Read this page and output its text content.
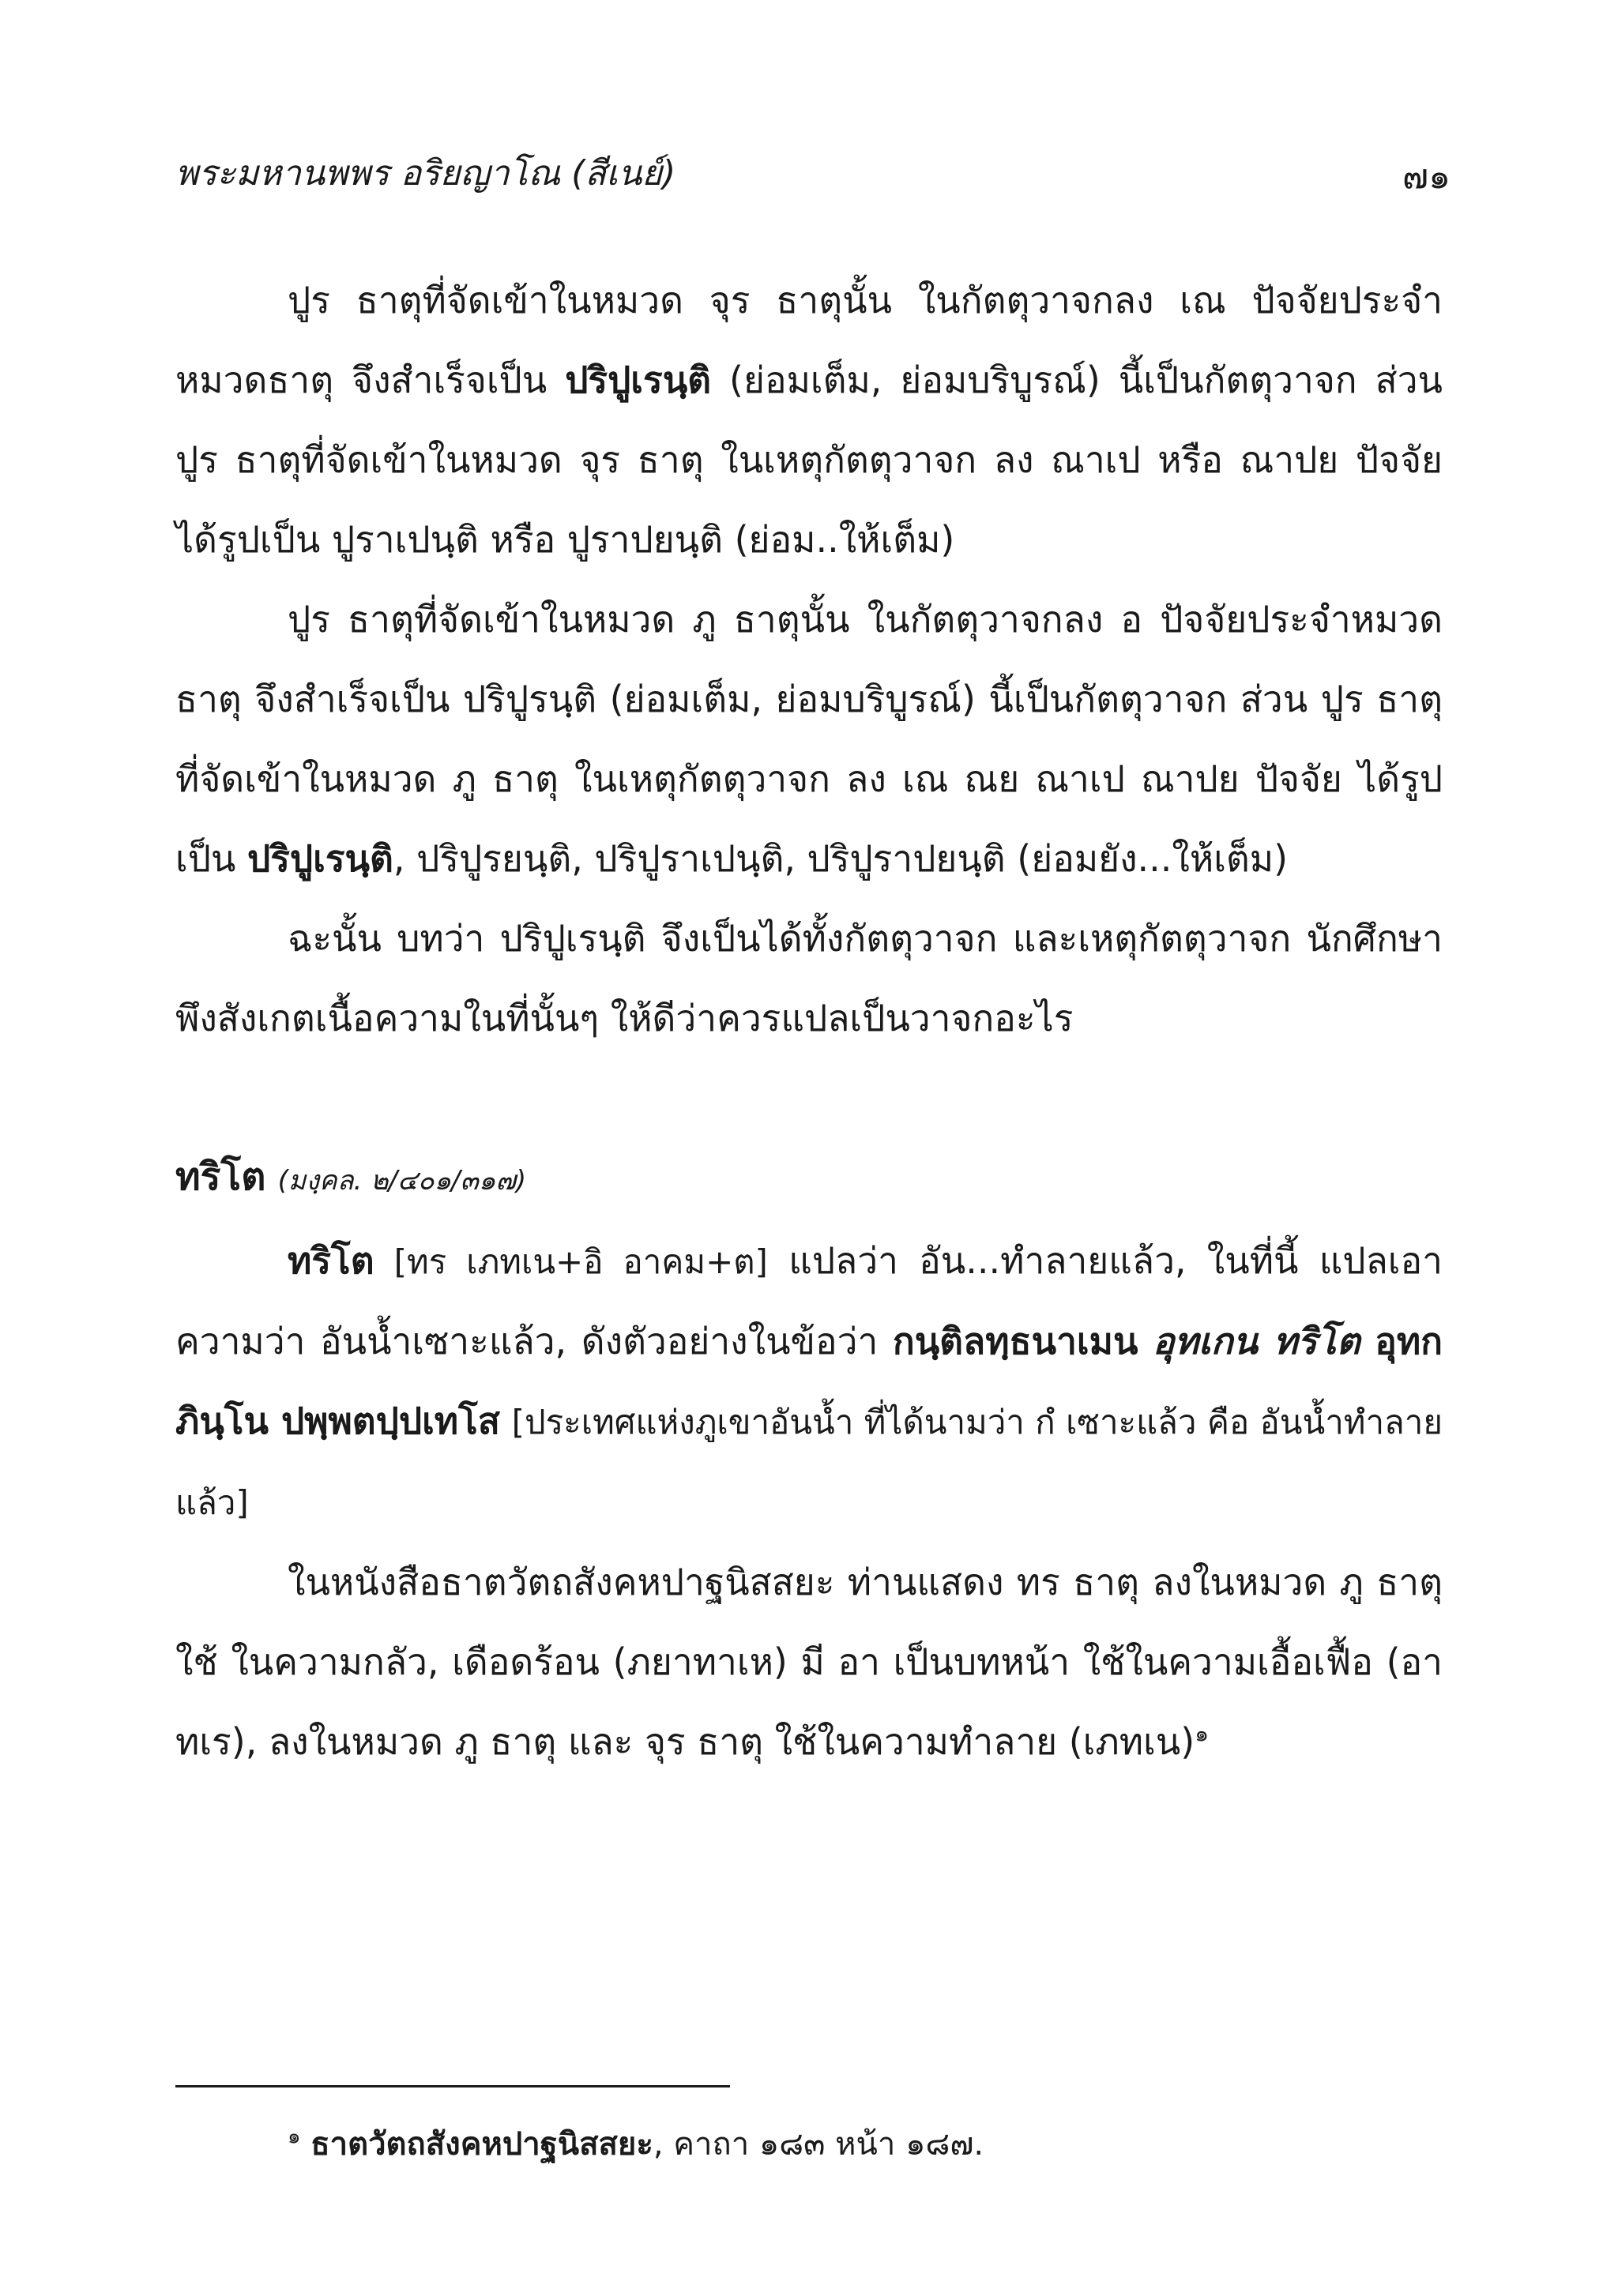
พระมหานพพร อริยญาโณ (สีเนย์)	๗๑

ปูร ธาตุที่จัดเข้าในหมวด จุร ธาตุนั้น ในกัตตุวาจกลง เณ ปัจจัยประจำหมวดธาตุ จึงสำเร็จเป็น ปริปูเรนฺติ (ย่อมเต็ม, ย่อมบริบูรณ์) นี้เป็นกัตตุวาจก ส่วน ปูร ธาตุที่จัดเข้าในหมวด จุร ธาตุ ในเหตุกัตตุวาจก ลง ณาเป หรือ ณาปย ปัจจัย ได้รูปเป็น ปูราเปนฺติ หรือ ปูราปยนฺติ (ย่อม..ให้เต็ม)

ปูร ธาตุที่จัดเข้าในหมวด ภู ธาตุนั้น ในกัตตุวาจกลง อ ปัจจัยประจำหมวดธาตุ จึงสำเร็จเป็น ปริปูรนฺติ (ย่อมเต็ม, ย่อมบริบูรณ์) นี้เป็นกัตตุวาจก ส่วน ปูร ธาตุที่จัดเข้าในหมวด ภู ธาตุ ในเหตุกัตตุวาจก ลง เณ ณย ณาเป ณาปย ปัจจัย ได้รูปเป็น ปริปูเรนฺติ, ปริปูรยนฺติ, ปริปูราเปนฺติ, ปริปูราปยนฺติ (ย่อมยัง...ให้เต็ม)

ฉะนั้น บทว่า ปริปูเรนฺติ จึงเป็นได้ทั้งกัตตุวาจก และเหตุกัตตุวาจก นักศึกษาพึงสังเกตเนื้อความในที่นั้นๆ ให้ดีว่าควรแปลเป็นวาจกอะไร

ทริโต (มงฺคล. ๒/๔๐๑/๓๑๗)

ทริโต [ทร เภทเน+อิ อาคม+ต] แปลว่า อัน...ทำลายแล้ว, ในที่นี้ แปลเอาความว่า อันน้ำเซาะแล้ว, ดังตัวอย่างในข้อว่า กนฺติลทฺธนาเมน อุทเกน ทริโต อุทกภินฺโน ปพฺพตปฺปเทโส [ประเทศแห่งภูเขาอันน้ำ ที่ได้นามว่า กํ เซาะแล้ว คือ อันน้ำทำลายแล้ว]

ในหนังสือธาตวัตถสังคหปาฐนิสสยะ ท่านแสดง ทร ธาตุ ลงในหมวด ภู ธาตุ ใช้ ในความกลัว, เดือดร้อน (ภยาทาเห) มี อา เป็นบทหน้า ใช้ในความเอื้อเฟื้อ (อาทเร), ลงในหมวด ภู ธาตุ และ จุร ธาตุ ใช้ในความทำลาย (เภทเน)$^๑$

$^๑$ ธาตวัตถสังคหปาฐนิสสยะ, คาถา ๑๘๓ หน้า ๑๘๗.
